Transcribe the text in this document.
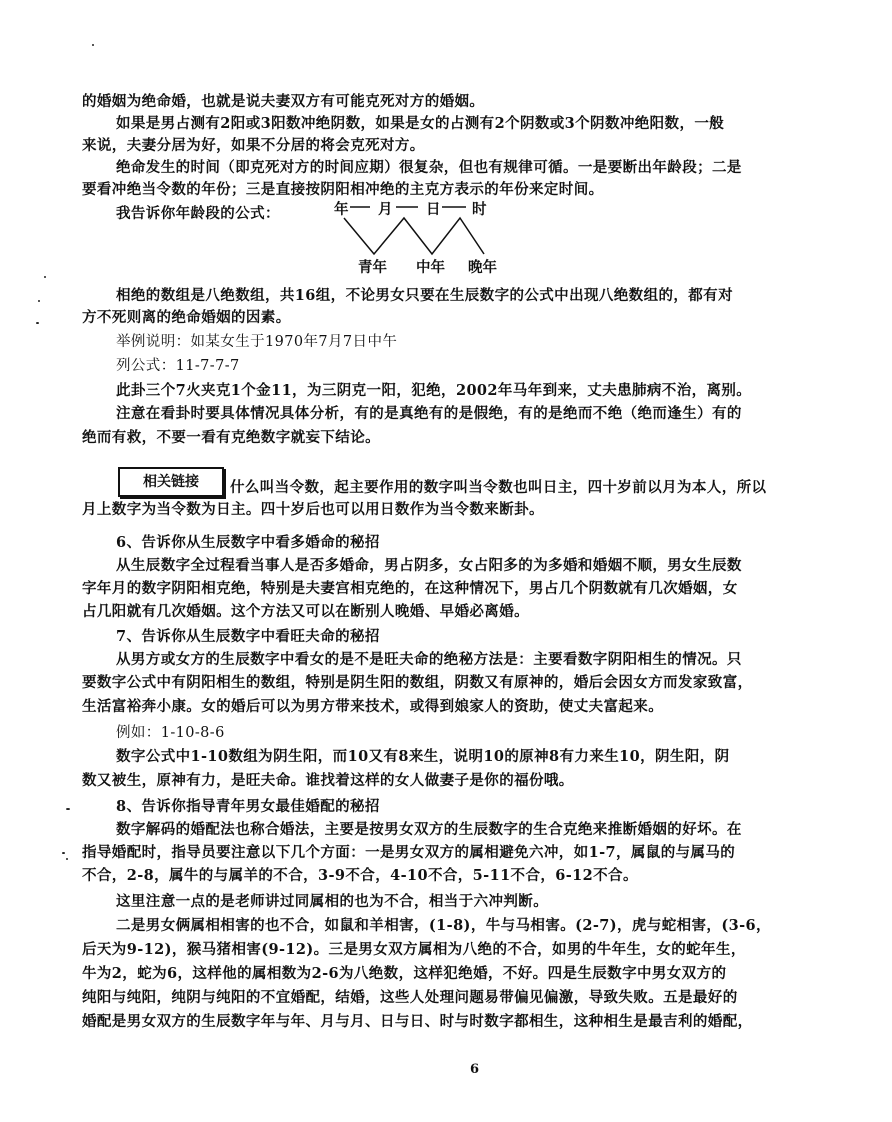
的婚姻为绝命婚，也就是说夫妻双方有可能克死对方的婚姻。
如果是男占测有2阳或3阳数冲绝阴数，如果是女的占测有2个阴数或3个阴数冲绝阳数，一般
来说，夫妻分居为好，如果不分居的将会克死对方。
绝命发生的时间（即克死对方的时间应期）很复杂，但也有规律可循。一是要断出年龄段；二是
要看冲绝当令数的年份；三是直接按阴阳相冲绝的主克方表示的年份来定时间。
我告诉你年龄段的公式：	年 月 日 时
青年 中年 晚年
相绝的数组是八绝数组，共16组，不论男女只要在生辰数字的公式中出现八绝数组的，都有对
方不死则离的绝命婚姻的因素。
举例说明：如某女生于1970年7月7日中午
列公式：11-7-7-7
此卦三个7火夹克1个金11，为三阴克一阳，犯绝，2002年马年到来，丈夫患肺病不治，离别。
注意在看卦时要具体情况具体分析，有的是真绝有的是假绝，有的是绝而不绝（绝而逢生）有的
绝而有救，不要一看有克绝数字就妄下结论。
相关链接	什么叫当令数，起主要作用的数字叫当令数也叫日主，四十岁前以月为本人，所以
月上数字为当令数为日主。四十岁后也可以用日数作为当令数来断卦。
6、告诉你从生辰数字中看多婚命的秘招
从生辰数字全过程看当事人是否多婚命，男占阴多，女占阳多的为多婚和婚姻不顺，男女生辰数
字年月的数字阴阳相克绝，特别是夫妻宫相克绝的，在这种情况下，男占几个阴数就有几次婚姻，女
占几阳就有几次婚姻。这个方法又可以在断别人晚婚、早婚必离婚。
7、告诉你从生辰数字中看旺夫命的秘招
从男方或女方的生辰数字中看女的是不是旺夫命的绝秘方法是：主要看数字阴阳相生的情况。只
要数字公式中有阴阳相生的数组，特别是阴生阳的数组，阴数又有原神的，婚后会因女方而发家致富，
生活富裕奔小康。女的婚后可以为男方带来技术，或得到娘家人的资助，使丈夫富起来。
例如：1-10-8-6
数字公式中1-10数组为阴生阳，而10又有8来生，说明10的原神8有力来生10，阴生阳，阴
数又被生，原神有力，是旺夫命。谁找着这样的女人做妻子是你的福份哦。
8、告诉你指导青年男女最佳婚配的秘招
数字解码的婚配法也称合婚法，主要是按男女双方的生辰数字的生合克绝来推断婚姻的好坏。在
指导婚配时，指导员要注意以下几个方面：一是男女双方的属相避免六冲，如1-7，属鼠的与属马的
不合，2-8，属牛的与属羊的不合，3-9不合，4-10不合，5-11不合，6-12不合。
这里注意一点的是老师讲过同属相的也为不合，相当于六冲判断。
二是男女俩属相相害的也不合，如鼠和羊相害，(1-8)，牛与马相害。(2-7)，虎与蛇相害，(3-6，
后天为9-12)，猴马猪相害(9-12)。三是男女双方属相为八绝的不合，如男的牛年生，女的蛇年生，
牛为2，蛇为6，这样他的属相数为2-6为八绝数，这样犯绝婚，不好。四是生辰数字中男女双方的
纯阳与纯阳，纯阴与纯阳的不宜婚配，结婚，这些人处理问题易带偏见偏激，导致失败。五是最好的
婚配是男女双方的生辰数字年与年、月与月、日与日、时与时数字都相生，这种相生是最吉利的婚配，
6
